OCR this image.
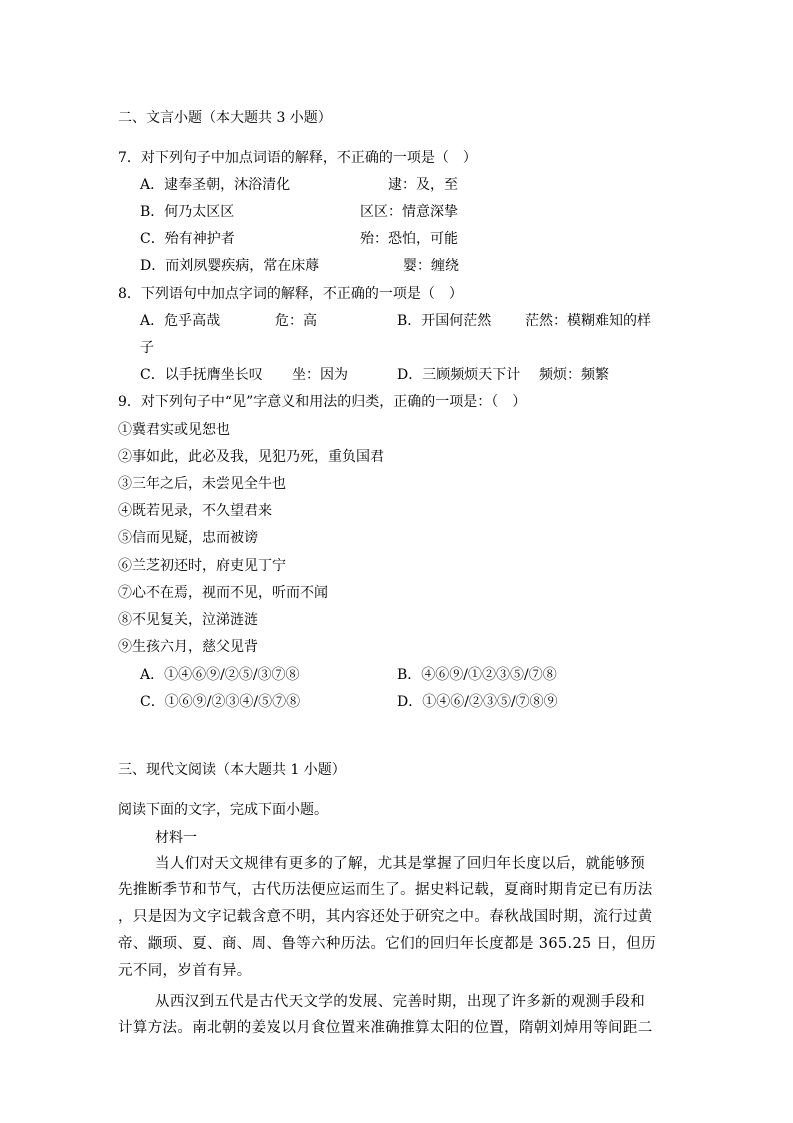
二、文言小题（本大题共 3 小题）
7．对下列句子中加点词语的解释，不正确的一项是（　）
A．逮奉圣朝，沐浴清化	逮：及，至
B．何乃太区区	区区：情意深挚
C．殆有神护者	殆：恐怕，可能
D．而刘夙婴疾病，常在床蓐	婴：缠绕
8．下列语句中加点字词的解释，不正确的一项是（　）
A．危乎高哉	危：高	B．开国何茫然 茫然：模糊难知的样
子
C．以手抚膺坐长叹 坐：因为	D．三顾频烦天下计 频烦：频繁
9．对下列句子中“见”字意义和用法的归类，正确的一项是：（　）
①冀君实或见恕也
②事如此，此必及我，见犯乃死，重负国君
③三年之后，未尝见全牛也
④既若见录，不久望君来
⑤信而见疑，忠而被谤
⑥兰芝初还时，府吏见丁宁
⑦心不在焉，视而不见，听而不闻
⑧不见复关，泣涕涟涟
⑨生孩六月，慈父见背
A．①④⑥⑨/②⑤/③⑦⑧	B．④⑥⑨/①②③⑤/⑦⑧
C．①⑥⑨/②③④/⑤⑦⑧	D．①④⑥/②③⑤/⑦⑧⑨
三、现代文阅读（本大题共 1 小题）
阅读下面的文字，完成下面小题。
材料一
当人们对天文规律有更多的了解，尤其是掌握了回归年长度以后，就能够预
先推断季节和节气，古代历法便应运而生了。据史料记载，夏商时期肯定已有历法
，只是因为文字记载含意不明，其内容还处于研究之中。春秋战国时期，流行过黄
帝、颛顼、夏、商、周、鲁等六种历法。它们的回归年长度都是 365.25 日，但历
元不同，岁首有异。
从西汉到五代是古代天文学的发展、完善时期，出现了许多新的观测手段和
计算方法。南北朝的姜岌以月食位置来准确推算太阳的位置，隋朝刘焯用等间距二
